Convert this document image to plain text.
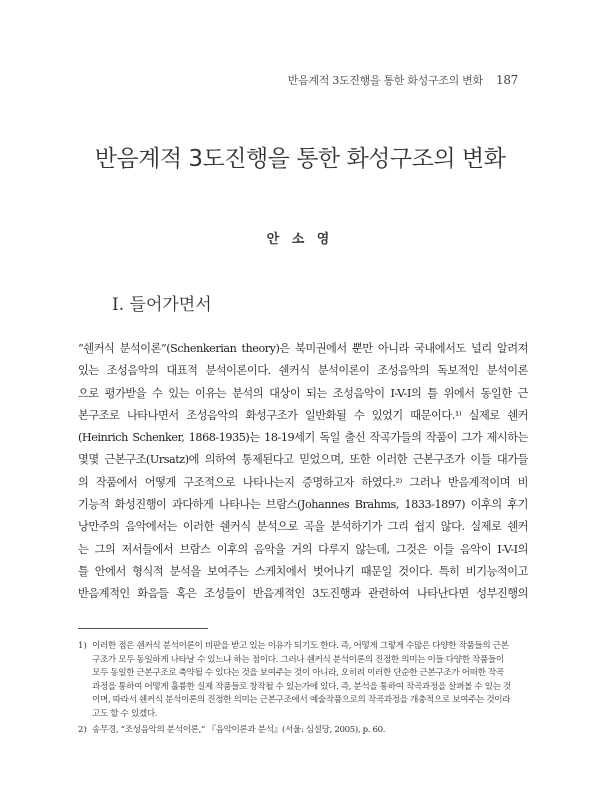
반음계적 3도진행을 통한 화성구조의 변화 187
반음계적 3도진행을 통한 화성구조의 변화
안 소 영
I. 들어가면서

“쉔커식 분석이론”(Schenkerian theory)은 북미권에서 뿐만 아니라 국내에서도 널리 알려져

있는 조성음악의 대표적 분석이론이다. 쉔커식 분석이론이 조성음악의 독보적인 분석이론

으로 평가받을 수 있는 이유는 분석의 대상이 되는 조성음악이 I-V-I의 틀 위에서 동일한 근

본구조로 나타나면서 조성음악의 화성구조가 일반화될 수 있었기 때문이다.¹⁾ 실제로 쉔커

(Heinrich Schenker, 1868-1935)는 18-19세기 독일 출신 작곡가들의 작품이 그가 제시하는

몇몇 근본구조(Ursatz)에 의하여 통제된다고 믿었으며, 또한 이러한 근본구조가 이들 대가들

의 작품에서 어떻게 구조적으로 나타나는지 증명하고자 하였다.²⁾ 그러나 반음계적이며 비

기능적 화성진행이 과다하게 나타나는 브람스(Johannes Brahms, 1833-1897) 이후의 후기

낭만주의 음악에서는 이러한 쉔커식 분석으로 곡을 분석하기가 그리 쉽지 않다. 실제로 쉔커

는 그의 저서들에서 브람스 이후의 음악을 거의 다루지 않는데, 그것은 이들 음악이 I-V-I의

틀 안에서 형식적 분석을 보여주는 스케치에서 벗어나기 때문일 것이다. 특히 비기능적이고

반음계적인 화음들 혹은 조성들이 반음계적인 3도진행과 관련하여 나타난다면 성부진행의

1) 이러한 점은 쉔커식 분석이론이 비판을 받고 있는 이유가 되기도 한다. 즉, 어떻게 그렇게 수많은 다양한 작품들의 근본
구조가 모두 동일하게 나타날 수 있느냐 하는 점이다. 그러나 쉔커식 분석이론의 진정한 의미는 이들 다양한 작품들이
모두 동일한 근본구조로 축약될 수 있다는 것을 보여주는 것이 아니라, 오히려 이러한 단순한 근본구조가 어떠한 작곡
과정을 통하여 어떻게 훌륭한 실제 작품들로 창작될 수 있는가에 있다. 즉, 분석을 통하여 작곡과정을 살펴볼 수 있는 것
이며, 따라서 쉔커식 분석이론의 진정한 의미는 근본구조에서 예술작품으로의 작곡과정을 개충적으로 보여주는 것이라
고도 할 수 있겠다.
2) 송무경, “조성음악의 분석이론,” 『음악이론과 분석』(서울: 심설당, 2005), p. 60.
